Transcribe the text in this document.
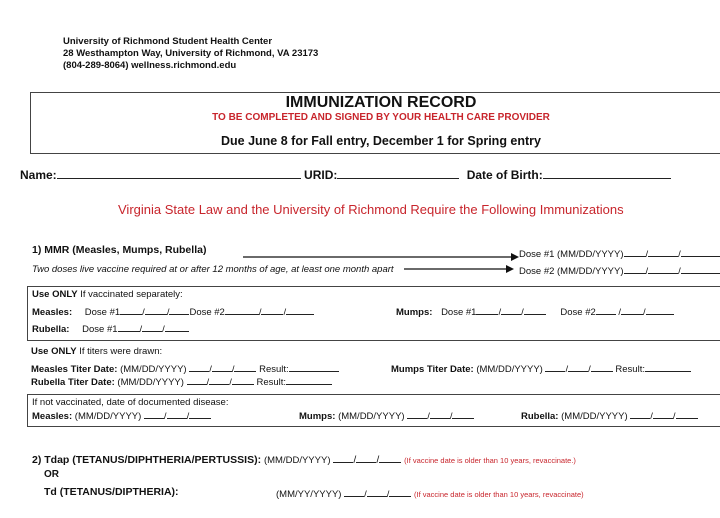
University of Richmond Student Health Center
28 Westhampton Way, University of Richmond, VA 23173
(804-289-8064) wellness.richmond.edu
IMMUNIZATION RECORD
TO BE COMPLETED AND SIGNED BY YOUR HEALTH CARE PROVIDER
Due June 8 for Fall entry, December 1 for Spring entry
Name:	URID:	Date of Birth:
Virginia State Law and the University of Richmond Require the Following Immunizations
1) MMR (Measles, Mumps, Rubella)	Dose #1 (MM/DD/YYYY) /	/
Two doses live vaccine required at or after 12 months of age, at least one month apart	Dose #2 (MM/DD/YYYY) /	/
Use ONLY If vaccinated separately:
Measles: Dose #1 / / Dose #2	/ /	Mumps: Dose #1 / /	Dose #2 / /
Rubella: Dose #1 / /
Use ONLY If titers were drawn:
Measles Titer Date: (MM/DD/YYYY) / /	Result:	Mumps Titer Date: (MM/DD/YYYY) / /	Result:
Rubella Titer Date: (MM/DD/YYYY) / /	Result:
If not vaccinated, date of documented disease:
Measles: (MM/DD/YYYY) / /	Mumps: (MM/DD/YYYY) / /	Rubella: (MM/DD/YYYY) / /
2) Tdap (TETANUS/DIPHTHERIA/PERTUSSIS): (MM/DD/YYYY) / /	(If vaccine date is older than 10 years, revaccinate.)
OR
Td (TETANUS/DIPTHERIA):	(MM/YY/YYYY) / /	(If vaccine date is older than 10 years, revaccinate)
